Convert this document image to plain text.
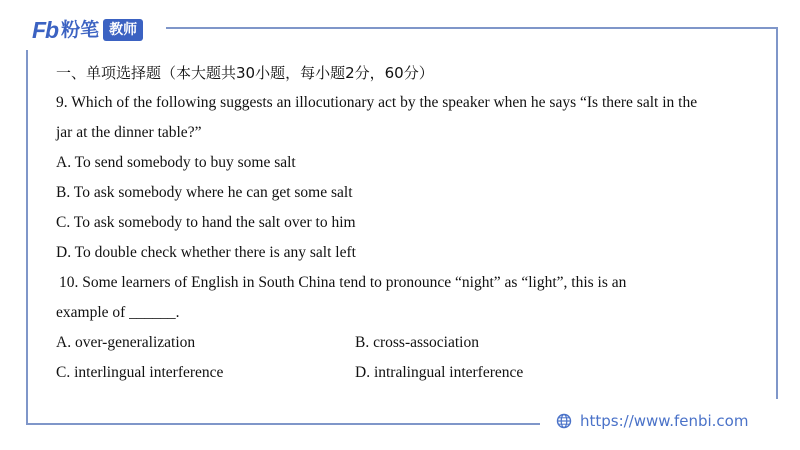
Fb 粉笔 教师
一、单项选择题（本大题共30小题，每小题2分，60分）

9. Which of the following suggests an illocutionary act by the speaker when he says “Is there salt in the

jar at the dinner table?”

A. To send somebody to buy some salt

B. To ask somebody where he can get some salt

C. To ask somebody to hand the salt over to him

D. To double check whether there is any salt left

10. Some learners of English in South China tend to pronounce “night” as “light”, this is an

example of ______.

A. over-generalization	B. cross-association
C. interlingual interference	D. intralingual interference
https://www.fenbi.com
